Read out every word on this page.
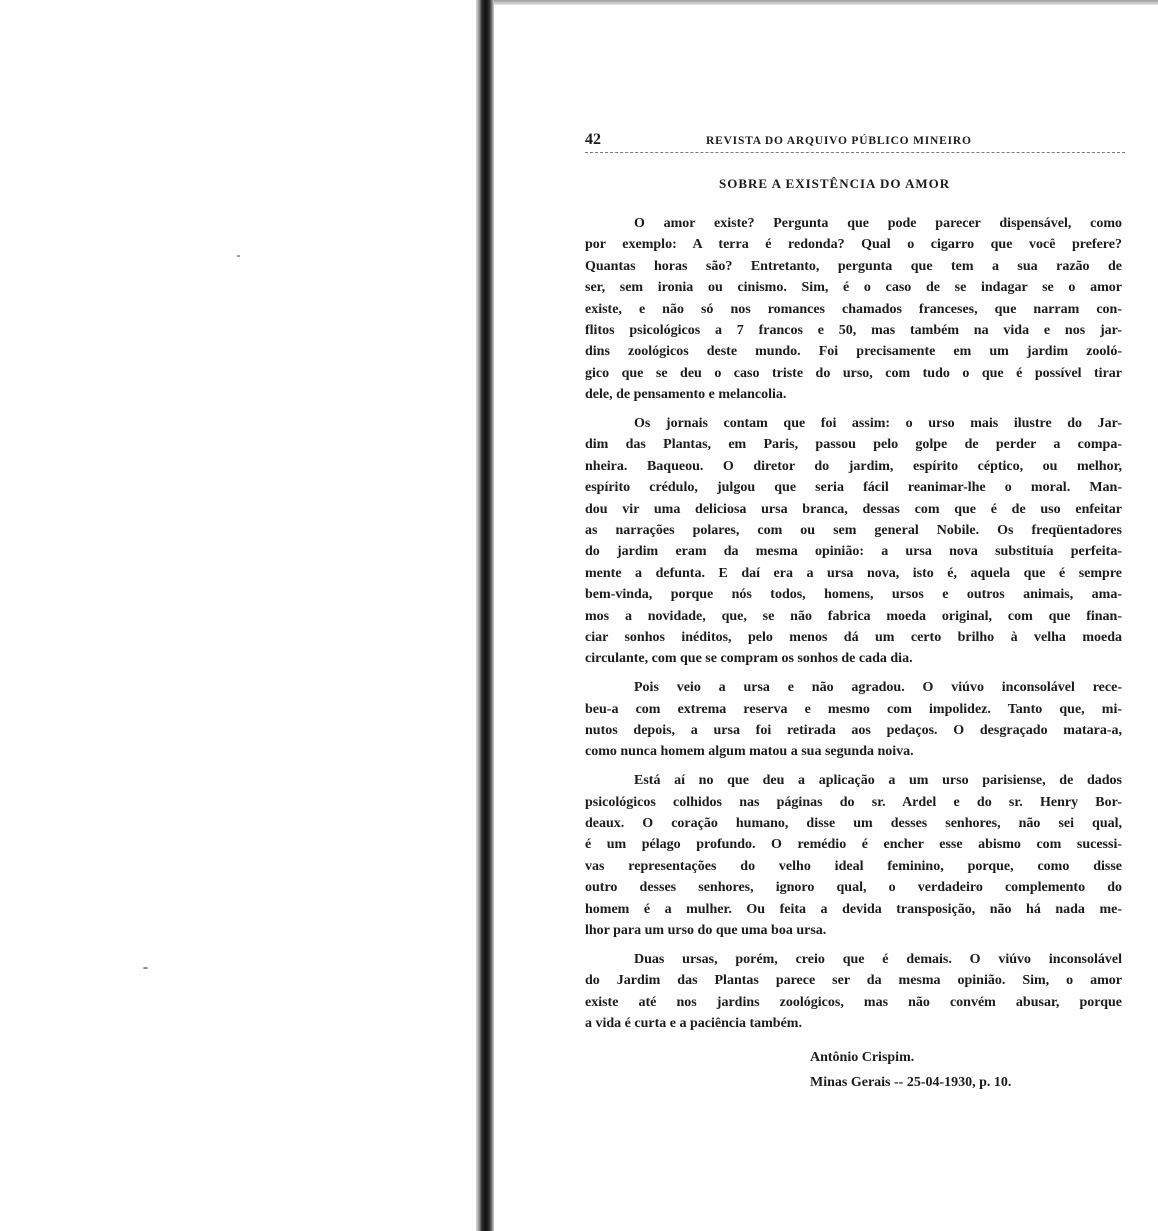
42	REVISTA DO ARQUIVO PÚBLICO MINEIRO
SOBRE A EXISTÊNCIA DO AMOR
O amor existe? Pergunta que pode parecer dispensável, como
por exemplo: A terra é redonda? Qual o cigarro que você prefere?
Quantas horas são? Entretanto, pergunta que tem a sua razão de
ser, sem ironia ou cinismo. Sim, é o caso de se indagar se o amor
existe, e não só nos romances chamados franceses, que narram con-
flitos psicológicos a 7 francos e 50, mas também na vida e nos jar-
dins zoológicos deste mundo. Foi precisamente em um jardim zooló-
gico que se deu o caso triste do urso, com tudo o que é possível tirar
dele, de pensamento e melancolia.
Os jornais contam que foi assim: o urso mais ilustre do Jar-
dim das Plantas, em Paris, passou pelo golpe de perder a compa-
nheira. Baqueou. O diretor do jardim, espírito céptico, ou melhor,
espírito crédulo, julgou que seria fácil reanimar-lhe o moral. Man-
dou vir uma deliciosa ursa branca, dessas com que é de uso enfeitar
as narrações polares, com ou sem general Nobile. Os freqüentadores
do jardim eram da mesma opinião: a ursa nova substituía perfeita-
mente a defunta. E daí era a ursa nova, isto é, aquela que é sempre
bem-vinda, porque nós todos, homens, ursos e outros animais, ama-
mos a novidade, que, se não fabrica moeda original, com que finan-
ciar sonhos inéditos, pelo menos dá um certo brilho à velha moeda
circulante, com que se compram os sonhos de cada dia.
Pois veio a ursa e não agradou. O viúvo inconsolável rece-
beu-a com extrema reserva e mesmo com impolidez. Tanto que, mi-
nutos depois, a ursa foi retirada aos pedaços. O desgraçado matara-a,
como nunca homem algum matou a sua segunda noiva.
Está aí no que deu a aplicação a um urso parisiense, de dados
psicológicos colhidos nas páginas do sr. Ardel e do sr. Henry Bor-
deaux. O coração humano, disse um desses senhores, não sei qual,
é um pélago profundo. O remédio é encher esse abismo com sucessi-
vas representações do velho ideal feminino, porque, como disse
outro desses senhores, ignoro qual, o verdadeiro complemento do
homem é a mulher. Ou feita a devida transposição, não há nada me-
lhor para um urso do que uma boa ursa.
Duas ursas, porém, creio que é demais. O viúvo inconsolável
do Jardim das Plantas parece ser da mesma opinião. Sim, o amor
existe até nos jardins zoológicos, mas não convém abusar, porque
a vida é curta e a paciência também.
Antônio Crispim.
Minas Gerais -- 25-04-1930, p. 10.
